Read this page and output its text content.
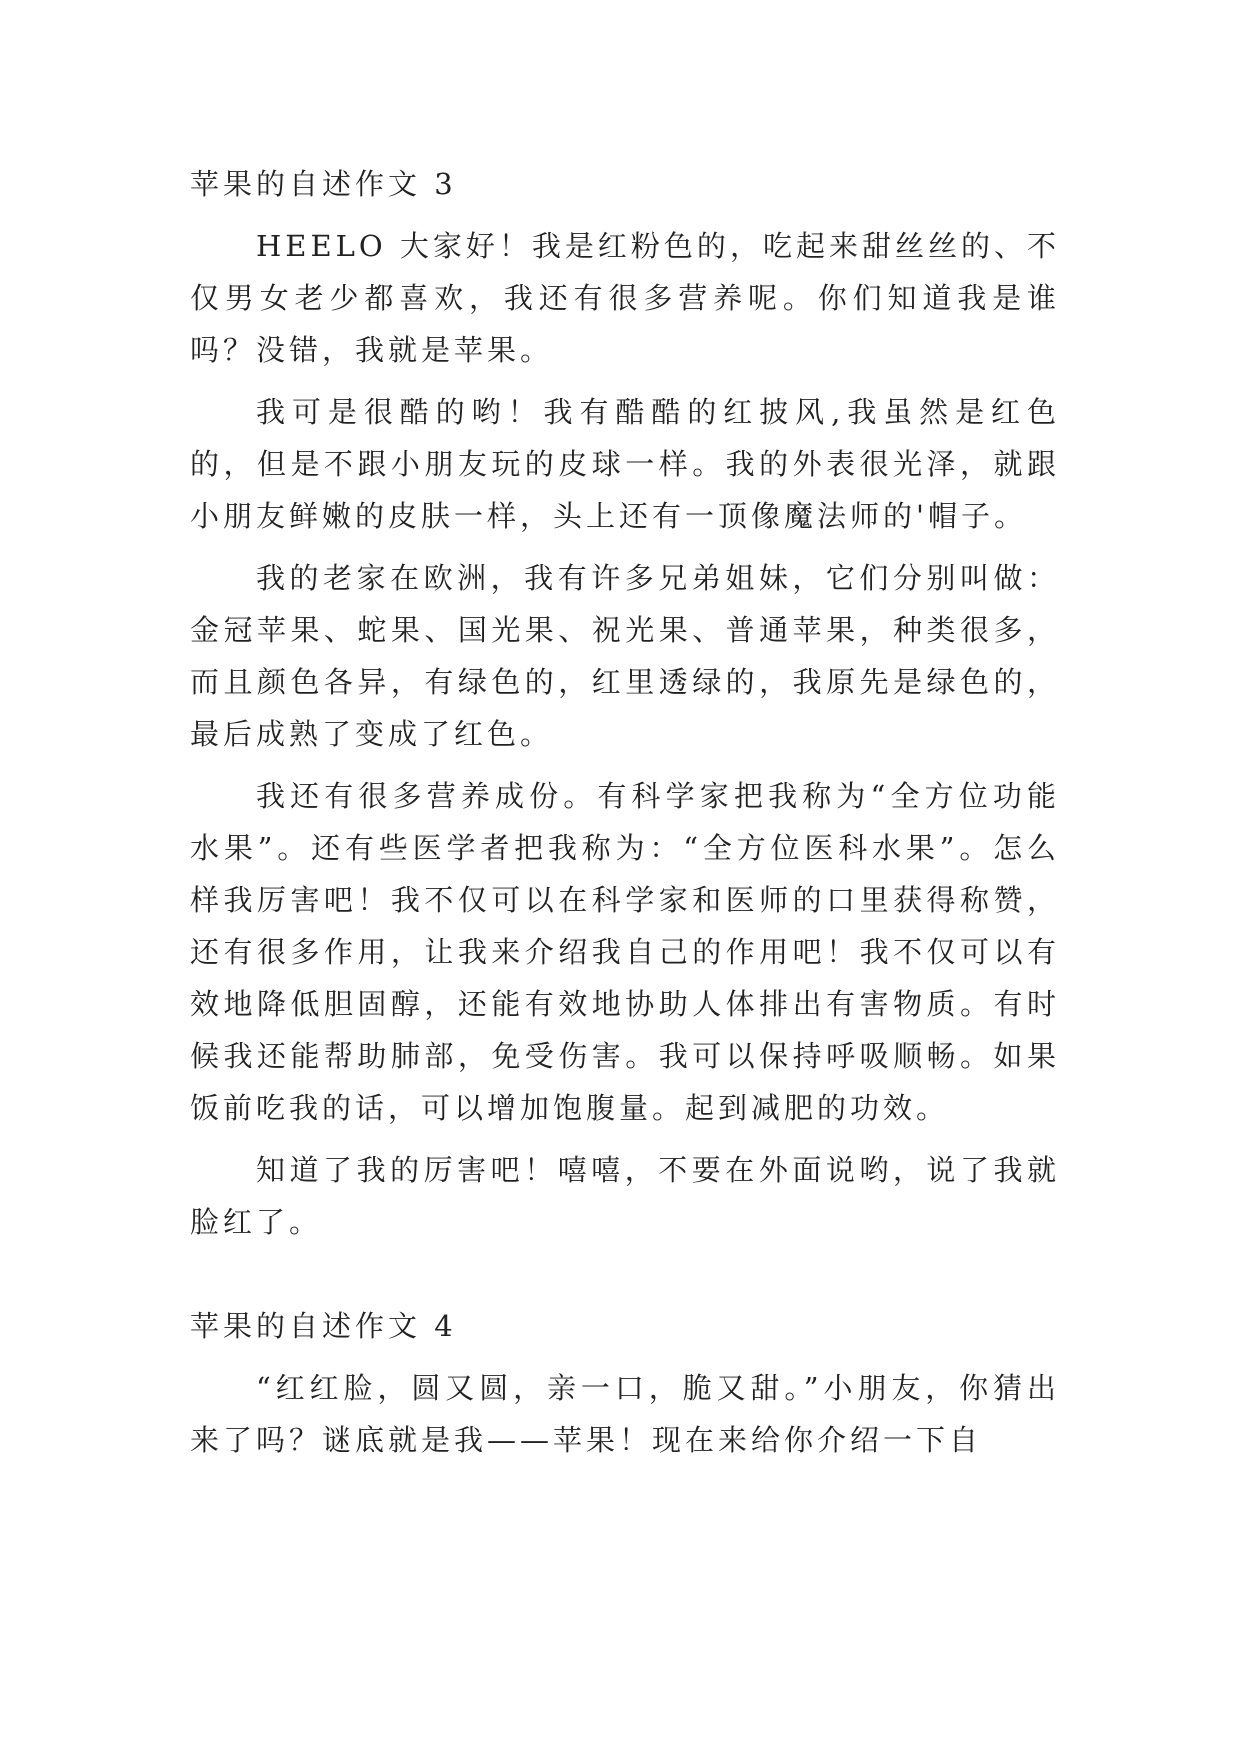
苹果的自述作文 3

HEELO 大家好！我是红粉色的，吃起来甜丝丝的、不仅男女老少都喜欢，我还有很多营养呢。你们知道我是谁吗？没错，我就是苹果。

我可是很酷的哟！我有酷酷的红披风,我虽然是红色的，但是不跟小朋友玩的皮球一样。我的外表很光泽，就跟小朋友鲜嫩的皮肤一样，头上还有一顶像魔法师的'帽子。

我的老家在欧洲，我有许多兄弟姐妹，它们分别叫做：金冠苹果、蛇果、国光果、祝光果、普通苹果，种类很多，而且颜色各异，有绿色的，红里透绿的，我原先是绿色的，最后成熟了变成了红色。

我还有很多营养成份。有科学家把我称为“全方位功能水果”。还有些医学者把我称为：“全方位医科水果”。怎么样我厉害吧！我不仅可以在科学家和医师的口里获得称赞，还有很多作用，让我来介绍我自己的作用吧！我不仅可以有效地降低胆固醇，还能有效地协助人体排出有害物质。有时候我还能帮助肺部，免受伤害。我可以保持呼吸顺畅。如果饭前吃我的话，可以增加饱腹量。起到减肥的功效。

知道了我的厉害吧！嘻嘻，不要在外面说哟，说了我就脸红了。

苹果的自述作文 4

“红红脸，圆又圆，亲一口，脆又甜。”小朋友，你猜出来了吗？谜底就是我——苹果！现在来给你介绍一下自
